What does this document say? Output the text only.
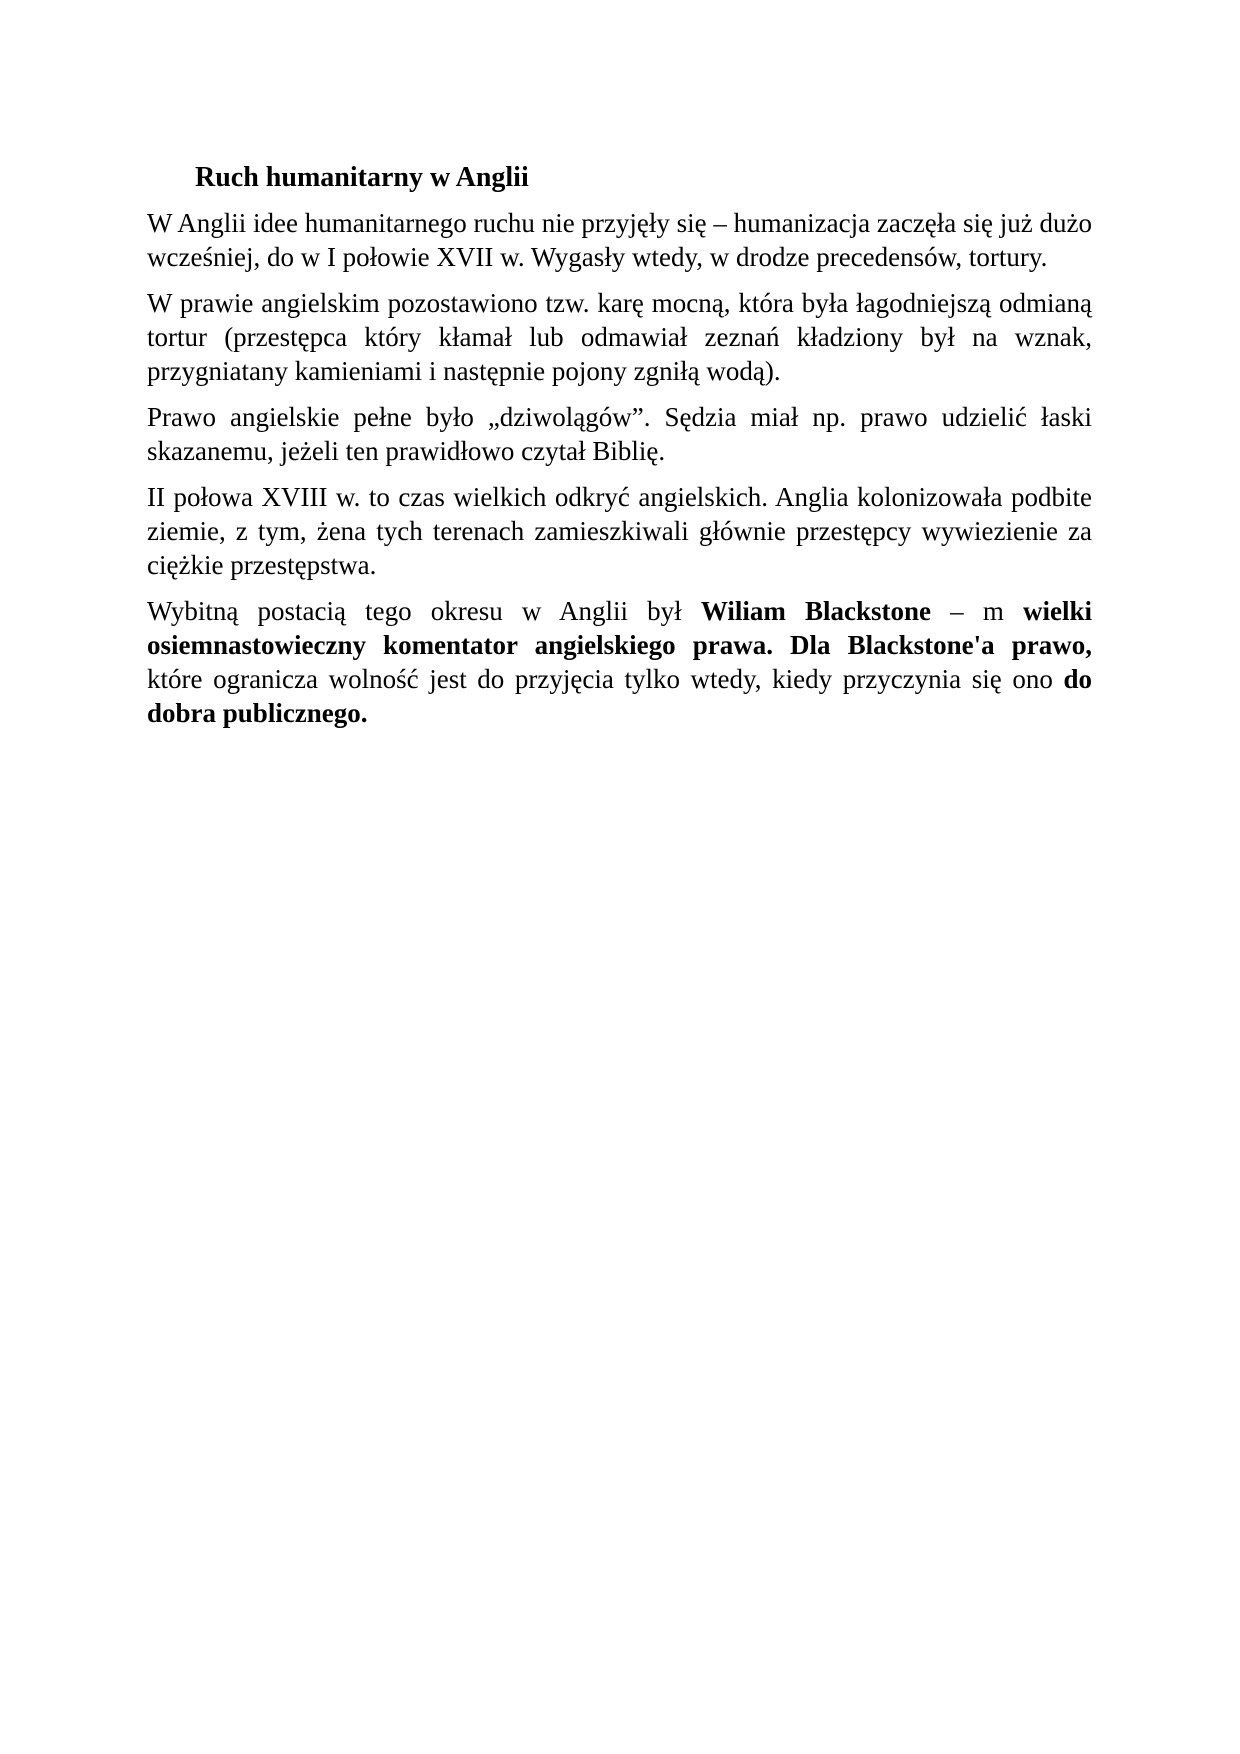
Ruch humanitarny w Anglii

W Anglii idee humanitarnego ruchu nie przyjęły się – humanizacja zaczęła się już dużo wcześniej, do w I połowie XVII w. Wygasły wtedy, w drodze precedensów, tortury.

W prawie angielskim pozostawiono tzw. karę mocną, która była łagodniejszą odmianą tortur (przestępca który kłamał lub odmawiał zeznań kładziony był na wznak, przygniatany kamieniami i następnie pojony zgniłą wodą).

Prawo angielskie pełne było „dziwolągów”. Sędzia miał np. prawo udzielić łaski skazanemu, jeżeli ten prawidłowo czytał Biblię.

II połowa XVIII w. to czas wielkich odkryć angielskich. Anglia kolonizowała podbite ziemie, z tym, żena tych terenach zamieszkiwali głównie przestępcy wywiezienie za ciężkie przestępstwa.

Wybitną postacią tego okresu w Anglii był Wiliam Blackstone – m wielki osiemnastowieczny komentator angielskiego prawa. Dla Blackstone'a prawo, które ogranicza wolność jest do przyjęcia tylko wtedy, kiedy przyczynia się ono do dobra publicznego.
